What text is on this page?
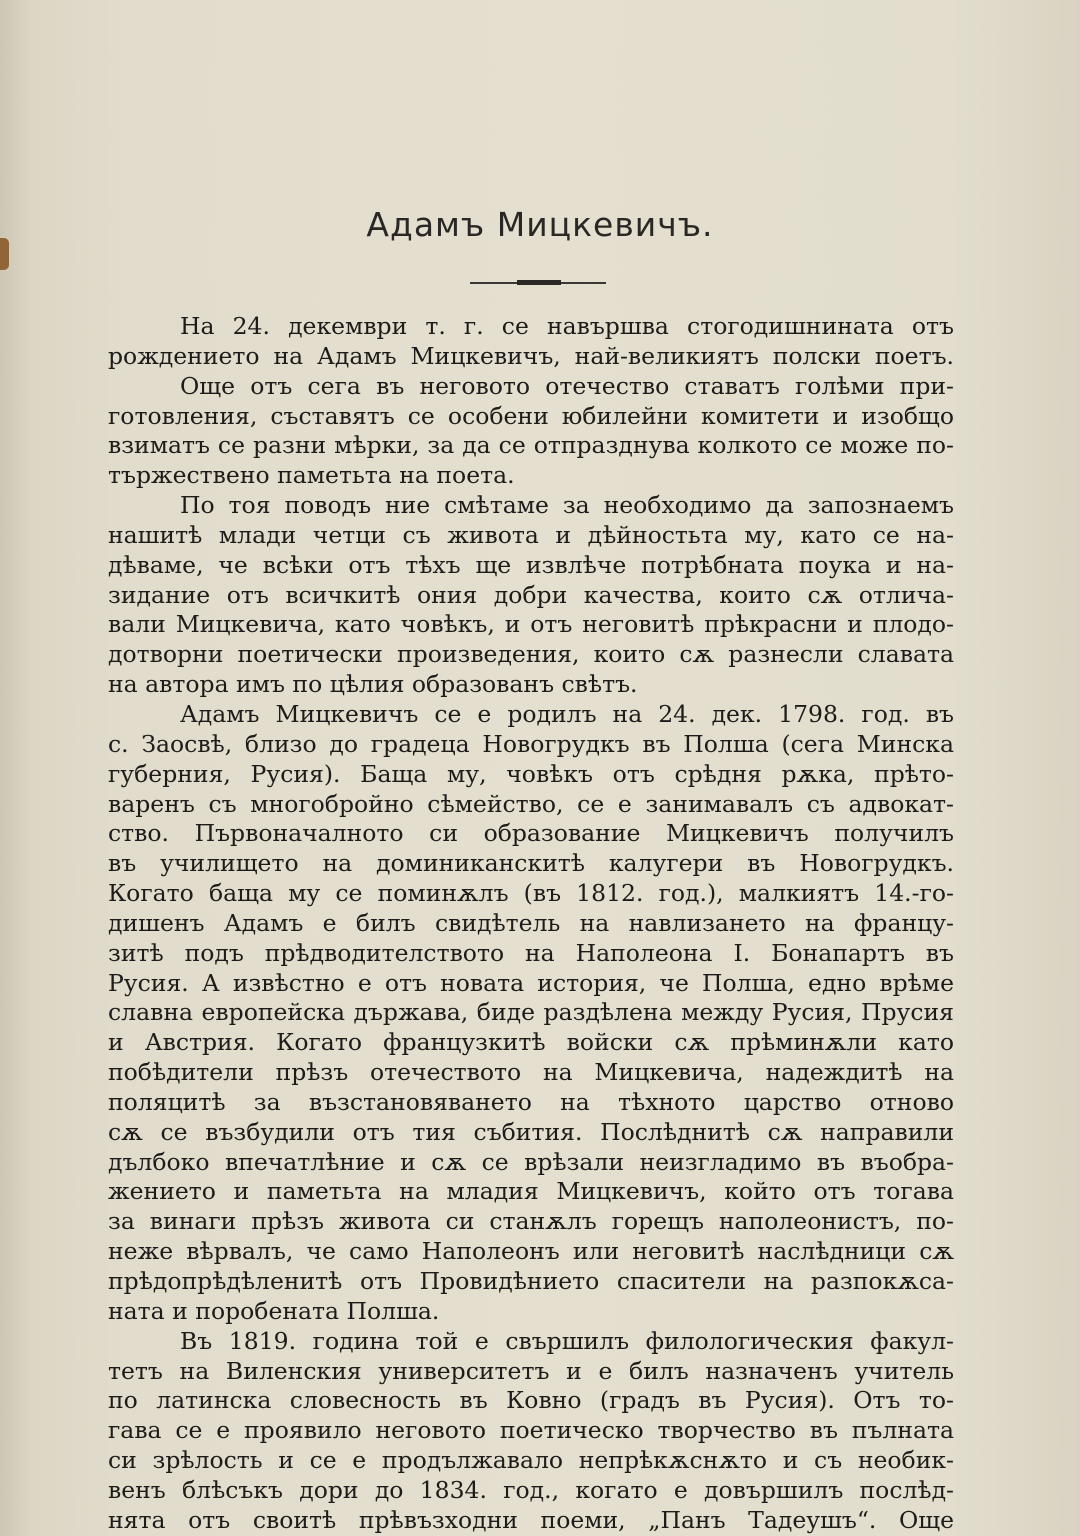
Адамъ Мицкевичъ.
На 24. декември т. г. се навършва стогодишнината отъ
рождението на Адамъ Мицкевичъ, най-великиятъ полски поетъ.
Още отъ сега въ неговото отечество ставатъ голѣми при-
готовления, съставятъ се особени юбилейни комитети и изобщо
взиматъ се разни мѣрки, за да се отпразднува колкото се може по-
тържествено паметьта на поета.
По тоя поводъ ние смѣтаме за необходимо да запознаемъ
нашитѣ млади четци съ живота и дѣйностьта му, като се на-
дѣваме, че всѣки отъ тѣхъ ще извлѣче потрѣбната поука и на-
зидание отъ всичкитѣ ония добри качества, които сѫ отлича-
вали Мицкевича, като човѣкъ, и отъ неговитѣ прѣкрасни и плодо-
дотворни поетически произведения, които сѫ разнесли славата
на автора имъ по цѣлия образованъ свѣтъ.
Адамъ Мицкевичъ се е родилъ на 24. дек. 1798. год. въ
с. Заосвѣ, близо до градеца Новогрудкъ въ Полша (сега Минска
губерния, Русия). Баща му, човѣкъ отъ срѣдня рѫка, прѣто-
варенъ съ многобройно сѣмейство, се е занимавалъ съ адвокат-
ство. Първоначалното си образование Мицкевичъ получилъ
въ училището на доминиканскитѣ калугери въ Новогрудкъ.
Когато баща му се поминѫлъ (въ 1812. год.), малкиятъ 14.-го-
дишенъ Адамъ е билъ свидѣтель на навлизането на францу-
зитѣ подъ прѣдводителството на Наполеона I. Бонапартъ въ
Русия. А извѣстно е отъ новата история, че Полша, едно врѣме
славна европейска държава, биде раздѣлена между Русия, Прусия
и Австрия. Когато французкитѣ войски сѫ прѣминѫли като
побѣдители прѣзъ отечеството на Мицкевича, надеждитѣ на
поляцитѣ за възстановяването на тѣхното царство отново
сѫ се възбудили отъ тия събития. Послѣднитѣ сѫ направили
дълбоко впечатлѣние и сѫ се врѣзали неизгладимо въ въобра-
жението и паметьта на младия Мицкевичъ, който отъ тогава
за винаги прѣзъ живота си станѫлъ горещъ наполеонистъ, по-
неже вѣрвалъ, че само Наполеонъ или неговитѣ наслѣдници сѫ
прѣдопрѣдѣленитѣ отъ Провидѣнието спасители на разпокѫса-
ната и поробената Полша.
Въ 1819. година той е свършилъ филологическия факул-
тетъ на Виленския университетъ и е билъ назначенъ учитель
по латинска словесность въ Ковно (градъ въ Русия). Отъ то-
гава се е проявило неговото поетическо творчество въ пълната
си зрѣлость и се е продължавало непрѣкѫснѫто и съ необик-
венъ блѣсъкъ дори до 1834. год., когато е довършилъ послѣд-
нята отъ своитѣ прѣвъзходни поеми, „Панъ Тадеушъ“. Още
